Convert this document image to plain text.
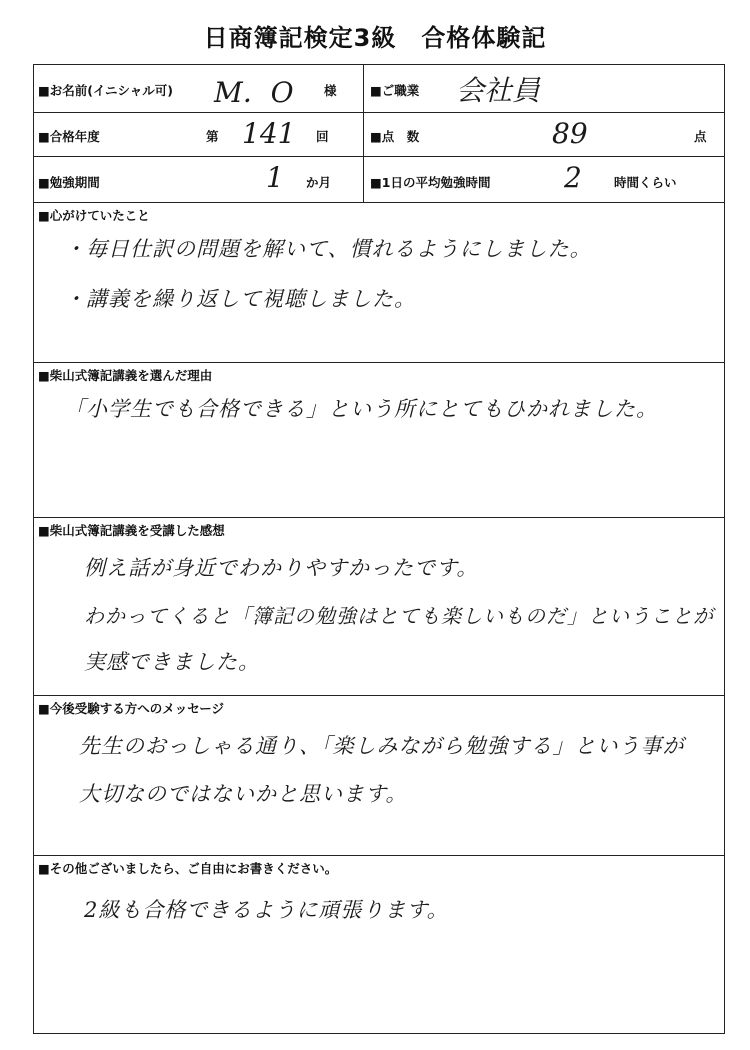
日商簿記検定3級　合格体験記
■お名前(イニシャル可) M．O 様	■ご職業 会社員
■合格年度	第 141 回	■点　数	89	点
■勉強期間	1 か月	■1日の平均勉強時間	2	時間くらい
■心がけていたこと
・毎日仕訳の問題を解いて、慣れるようにしました。
・講義を繰り返して視聴しました。
■柴山式簿記講義を選んだ理由
「小学生でも合格できる」という所にとてもひかれました。
■柴山式簿記講義を受講した感想
例え話が身近でわかりやすかったです。
わかってくると「簿記の勉強はとても楽しいものだ」ということが
実感できました。
■今後受験する方へのメッセージ
先生のおっしゃる通り、「楽しみながら勉強する」という事が
大切なのではないかと思います。
■その他ございましたら、ご自由にお書きください。
2級も合格できるように頑張ります。
